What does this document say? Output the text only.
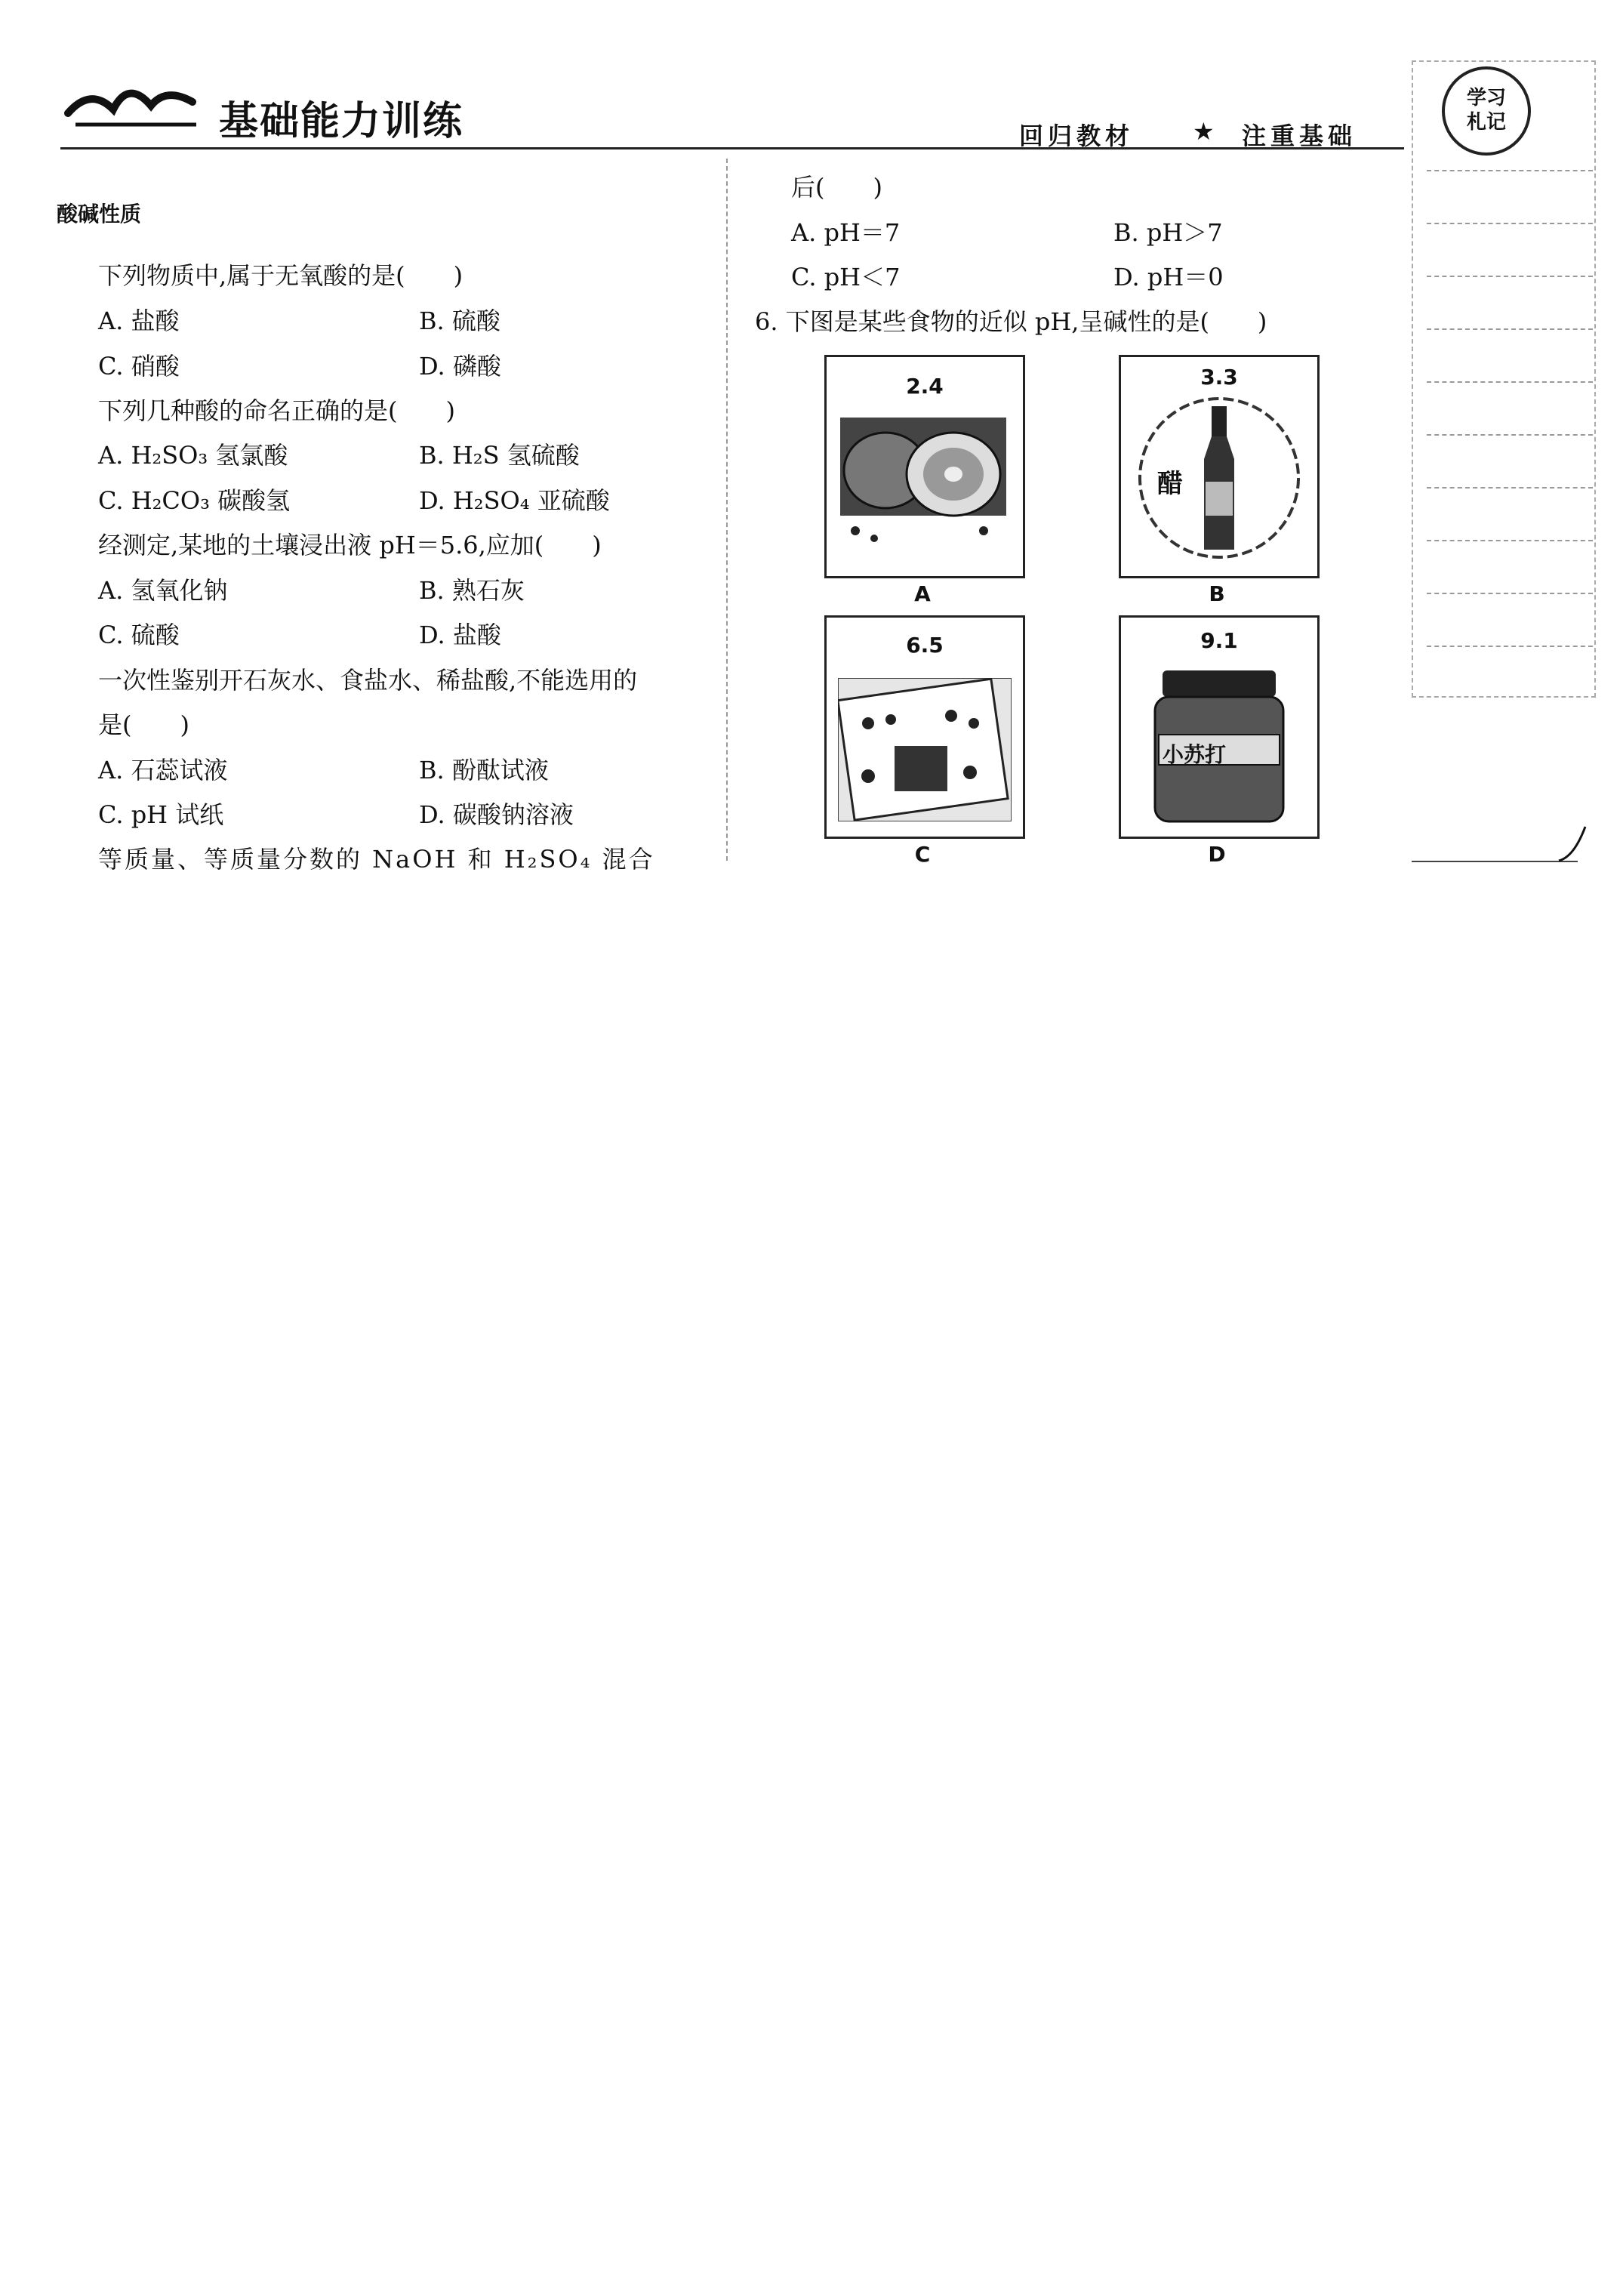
基础能力训练	回归教材 ★ 注重基础
学习札记
酸碱性质
下列物质中,属于无氧酸的是(　　)
A. 盐酸	B. 硫酸
C. 硝酸	D. 磷酸
下列几种酸的命名正确的是(　　)
A. H₂SO₃ 氢氯酸	B. H₂S 氢硫酸
C. H₂CO₃ 碳酸氢	D. H₂SO₄ 亚硫酸
经测定,某地的土壤浸出液 pH＝5.6,应加(　　)
A. 氢氧化钠	B. 熟石灰
C. 硫酸	D. 盐酸
一次性鉴别开石灰水、食盐水、稀盐酸,不能选用的
是(　　)
A. 石蕊试液	B. 酚酞试液
C. pH 试纸	D. 碳酸钠溶液
等质量、等质量分数的 NaOH 和 H₂SO₄ 混合
后(　　)
A. pH＝7	B. pH＞7
C. pH＜7	D. pH＝0
6. 下图是某些食物的近似 pH,呈碱性的是(　　)
2.4
A
3.3
醋
B
6.5
C
9.1
小苏打
D
